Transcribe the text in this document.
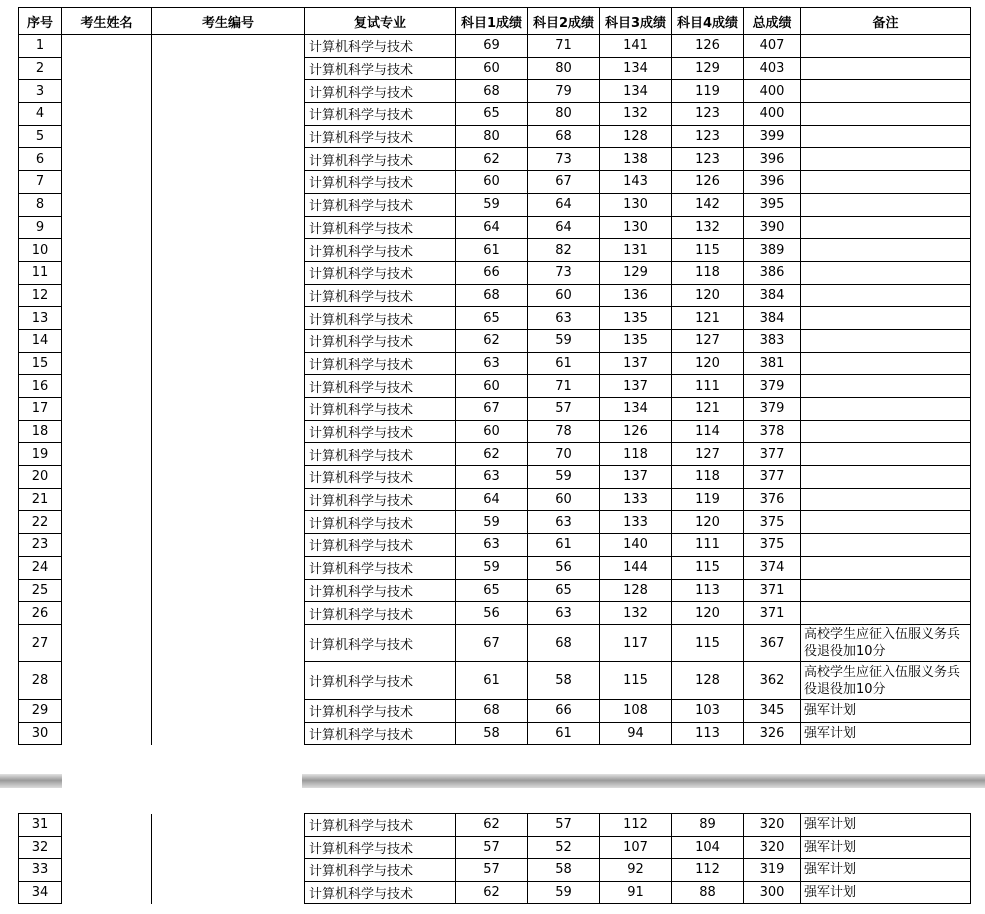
序号	考生姓名	考生编号	复试专业	科目1成绩	科目2成绩	科目3成绩	科目4成绩	总成绩	备注
1			计算机科学与技术	69	71	141	126	407	
2			计算机科学与技术	60	80	134	129	403	
3			计算机科学与技术	68	79	134	119	400	
4			计算机科学与技术	65	80	132	123	400	
5			计算机科学与技术	80	68	128	123	399	
6			计算机科学与技术	62	73	138	123	396	
7			计算机科学与技术	60	67	143	126	396	
8			计算机科学与技术	59	64	130	142	395	
9			计算机科学与技术	64	64	130	132	390	
10			计算机科学与技术	61	82	131	115	389	
11			计算机科学与技术	66	73	129	118	386	
12			计算机科学与技术	68	60	136	120	384	
13			计算机科学与技术	65	63	135	121	384	
14			计算机科学与技术	62	59	135	127	383	
15			计算机科学与技术	63	61	137	120	381	
16			计算机科学与技术	60	71	137	111	379	
17			计算机科学与技术	67	57	134	121	379	
18			计算机科学与技术	60	78	126	114	378	
19			计算机科学与技术	62	70	118	127	377	
20			计算机科学与技术	63	59	137	118	377	
21			计算机科学与技术	64	60	133	119	376	
22			计算机科学与技术	59	63	133	120	375	
23			计算机科学与技术	63	61	140	111	375	
24			计算机科学与技术	59	56	144	115	374	
25			计算机科学与技术	65	65	128	113	371	
26			计算机科学与技术	56	63	132	120	371	
27			计算机科学与技术	67	68	117	115	367	高校学生应征入伍服义务兵役退役加10分
28			计算机科学与技术	61	58	115	128	362	高校学生应征入伍服义务兵役退役加10分
29			计算机科学与技术	68	66	108	103	345	强军计划
30			计算机科学与技术	58	61	94	113	326	强军计划
31			计算机科学与技术	62	57	112	89	320	强军计划
32			计算机科学与技术	57	52	107	104	320	强军计划
33			计算机科学与技术	57	58	92	112	319	强军计划
34			计算机科学与技术	62	59	91	88	300	强军计划
